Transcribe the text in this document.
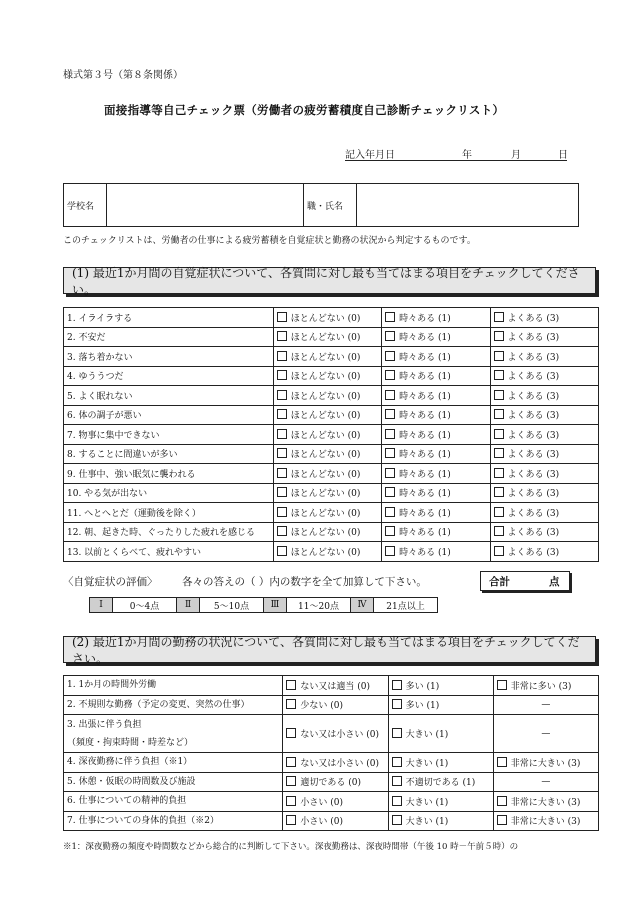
様式第３号（第８条関係）
面接指導等自己チェック票（労働者の疲労蓄積度自己診断チェックリスト）
記入年月日	年	月	日
学校名		職・氏名	
このチェックリストは、労働者の仕事による疲労蓄積を自覚症状と勤務の状況から判定するものです。
(1) 最近1か月間の自覚症状について、各質問に対し最も当てはまる項目をチェックしてください。
1. イライラする	ほとんどない (0)	時々ある (1)	よくある (3)
2. 不安だ	ほとんどない (0)	時々ある (1)	よくある (3)
3. 落ち着かない	ほとんどない (0)	時々ある (1)	よくある (3)
4. ゆううつだ	ほとんどない (0)	時々ある (1)	よくある (3)
5. よく眠れない	ほとんどない (0)	時々ある (1)	よくある (3)
6. 体の調子が悪い	ほとんどない (0)	時々ある (1)	よくある (3)
7. 物事に集中できない	ほとんどない (0)	時々ある (1)	よくある (3)
8. することに間違いが多い	ほとんどない (0)	時々ある (1)	よくある (3)
9. 仕事中、強い眠気に襲われる	ほとんどない (0)	時々ある (1)	よくある (3)
10. やる気が出ない	ほとんどない (0)	時々ある (1)	よくある (3)
11. へとへとだ（運動後を除く）	ほとんどない (0)	時々ある (1)	よくある (3)
12. 朝、起きた時、ぐったりした疲れを感じる	ほとんどない (0)	時々ある (1)	よくある (3)
13. 以前とくらべて、疲れやすい	ほとんどない (0)	時々ある (1)	よくある (3)
〈自覚症状の評価〉 各々の答えの（ ）内の数字を全て加算して下さい。	合計	点
Ⅰ	0〜4点	Ⅱ	5〜10点	Ⅲ	11〜20点	Ⅳ	21点以上
(2) 最近1か月間の勤務の状況について、各質問に対し最も当てはまる項目をチェックしてください。
1. 1か月の時間外労働	ない又は適当 (0)	多い (1)	非常に多い (3)

2. 不規則な勤務（予定の変更、突然の仕事）	少ない (0)	多い (1)	—

3. 出張に伴う負担
（頻度・拘束時間・時差など）	ない又は小さい (0)	大きい (1)	—

4. 深夜勤務に伴う負担（※1）	ない又は小さい (0)	大きい (1)	非常に大きい (3)

5. 休憩・仮眠の時間数及び施設	適切である (0)	不適切である (1)	—

6. 仕事についての精神的負担	小さい (0)	大きい (1)	非常に大きい (3)

7. 仕事についての身体的負担（※2）	小さい (0)	大きい (1)	非常に大きい (3)
※1：深夜勤務の頻度や時間数などから総合的に判断して下さい。深夜勤務は、深夜時間帯（午後 10 時－午前５時）の
